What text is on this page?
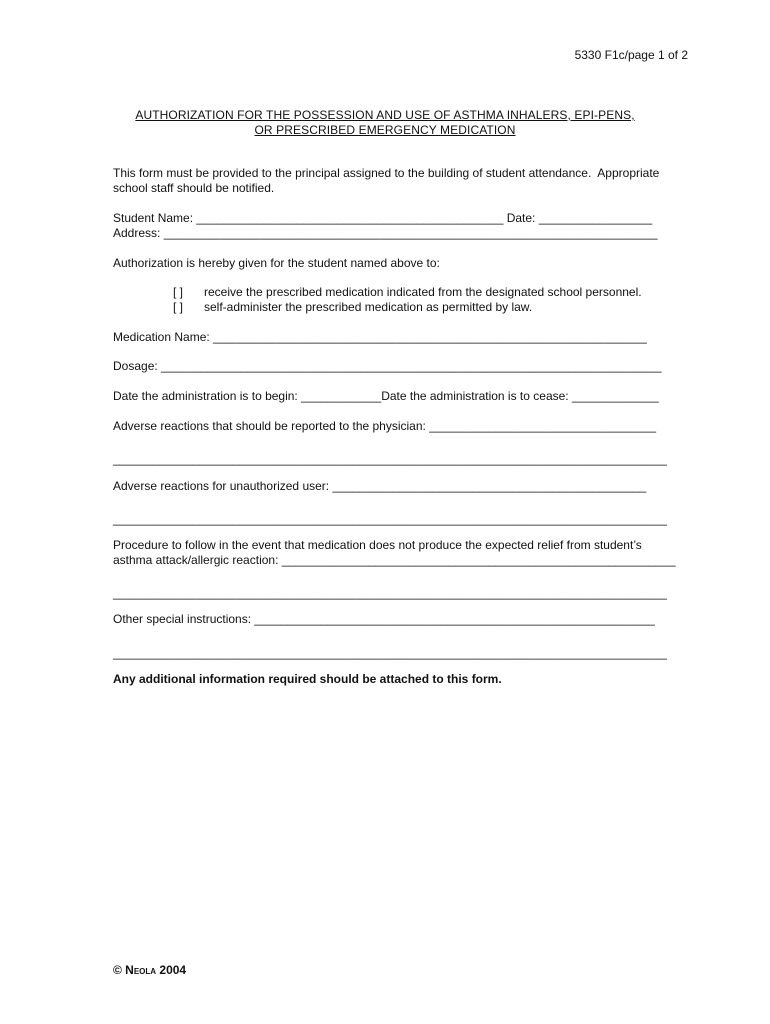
5330 F1c/page 1 of 2
AUTHORIZATION FOR THE POSSESSION AND USE OF ASTHMA INHALERS, EPI-PENS,
OR PRESCRIBED EMERGENCY MEDICATION
This form must be provided to the principal assigned to the building of student attendance.  Appropriate
school staff should be notified.
Student Name: ______________________________________________ Date: _________________
Address: __________________________________________________________________________
Authorization is hereby given for the student named above to:
[ ] receive the prescribed medication indicated from the designated school personnel.
[ ] self-administer the prescribed medication as permitted by law.
Medication Name: _________________________________________________________________
Dosage: ___________________________________________________________________________
Date the administration is to begin: ____________Date the administration is to cease: _____________
Adverse reactions that should be reported to the physician: __________________________________
___________________________________________________________________________________
Adverse reactions for unauthorized user: _______________________________________________
___________________________________________________________________________________
Procedure to follow in the event that medication does not produce the expected relief from student’s
asthma attack/allergic reaction: ___________________________________________________________
___________________________________________________________________________________
Other special instructions: ____________________________________________________________
___________________________________________________________________________________
Any additional information required should be attached to this form.
© Neola 2004
